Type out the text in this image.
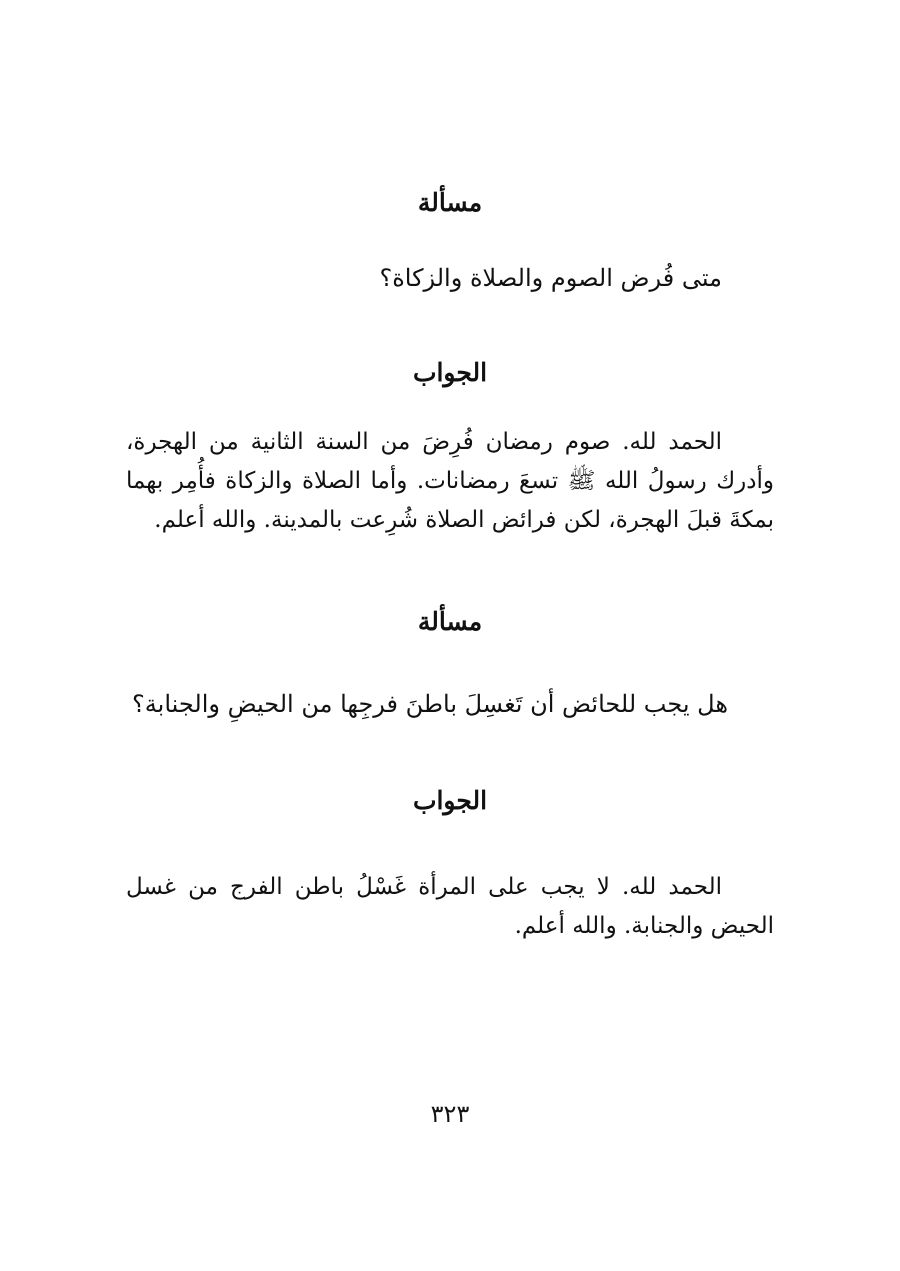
مسألة

متى فُرض الصوم والصلاة والزكاة؟

الجواب

الحمد لله. صوم رمضان فُرِضَ من السنة الثانية من الهجرة، وأدرك رسولُ الله ﷺ تسعَ رمضانات. وأما الصلاة والزكاة فأُمِر بهما بمكةَ قبلَ الهجرة، لكن فرائض الصلاة شُرِعت بالمدينة. والله أعلم.

مسألة

هل يجب للحائض أن تَغسِلَ باطنَ فرجِها من الحيضِ والجنابة؟

الجواب

الحمد لله. لا يجب على المرأة غَسْلُ باطن الفرج من غسل الحيض والجنابة. والله أعلم.

٣٢٣
